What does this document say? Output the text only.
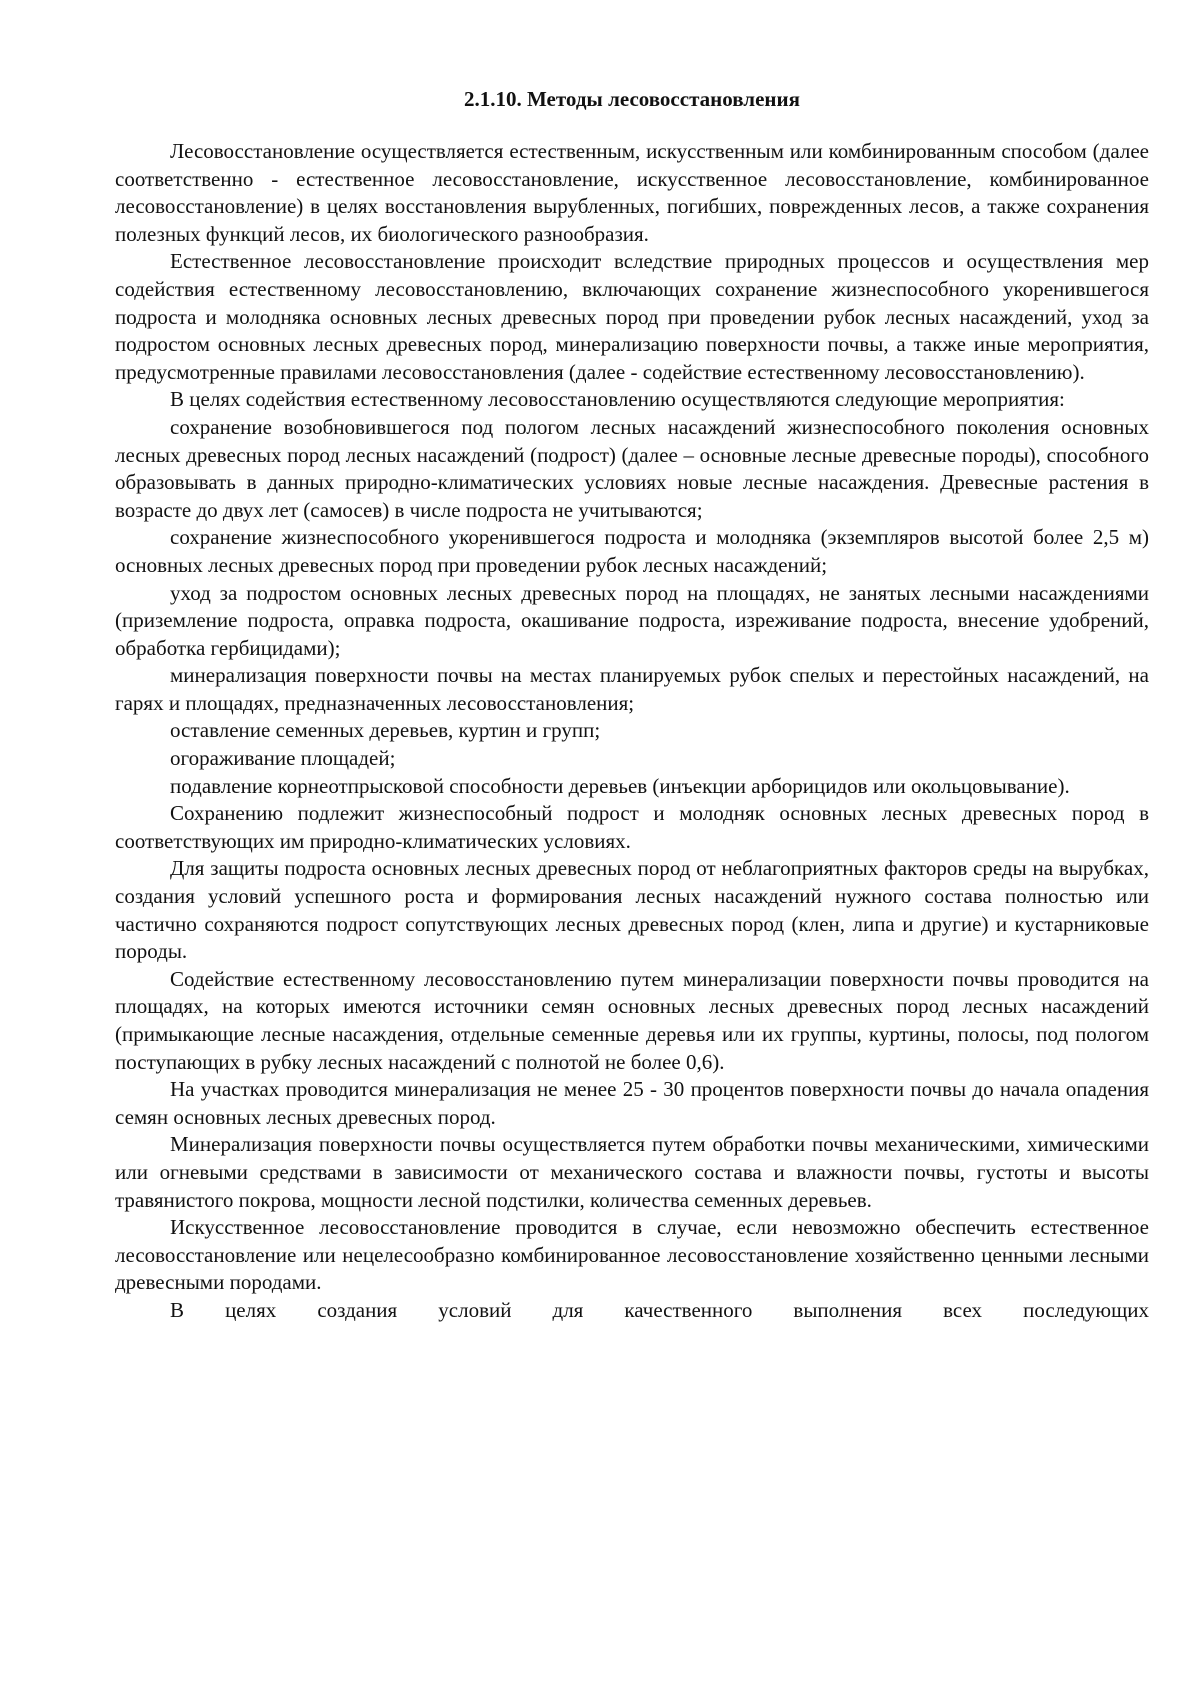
2.1.10. Методы лесовосстановления

Лесовосстановление осуществляется естественным, искусственным или комбинированным способом (далее соответственно - естественное лесовосстановление, искусственное лесовосстановление, комбинированное лесовосстановление) в целях восстановления вырубленных, погибших, поврежденных лесов, а также сохранения полезных функций лесов, их биологического разнообразия.

Естественное лесовосстановление происходит вследствие природных процессов и осуществления мер содействия естественному лесовосстановлению, включающих сохранение жизнеспособного укоренившегося подроста и молодняка основных лесных древесных пород при проведении рубок лесных насаждений, уход за подростом основных лесных древесных пород, минерализацию поверхности почвы, а также иные мероприятия, предусмотренные правилами лесовосстановления (далее - содействие естественному лесовосстановлению).

В целях содействия естественному лесовосстановлению осуществляются следующие мероприятия:

сохранение возобновившегося под пологом лесных насаждений жизнеспособного поколения основных лесных древесных пород лесных насаждений (подрост) (далее – основные лесные древесные породы), способного образовывать в данных природно-климатических условиях новые лесные насаждения. Древесные растения в возрасте до двух лет (самосев) в числе подроста не учитываются;

сохранение жизнеспособного укоренившегося подроста и молодняка (экземпляров высотой более 2,5 м) основных лесных древесных пород при проведении рубок лесных насаждений;

уход за подростом основных лесных древесных пород на площадях, не занятых лесными насаждениями (приземление подроста, оправка подроста, окашивание подроста, изреживание подроста, внесение удобрений, обработка гербицидами);

минерализация поверхности почвы на местах планируемых рубок спелых и перестойных насаждений, на гарях и площадях, предназначенных лесовосстановления;

оставление семенных деревьев, куртин и групп;

огораживание площадей;

подавление корнеотпрысковой способности деревьев (инъекции арборицидов или окольцовывание).

Сохранению подлежит жизнеспособный подрост и молодняк основных лесных древесных пород в соответствующих им природно-климатических условиях.

Для защиты подроста основных лесных древесных пород от неблагоприятных факторов среды на вырубках, создания условий успешного роста и формирования лесных насаждений нужного состава полностью или частично сохраняются подрост сопутствующих лесных древесных пород (клен, липа и другие) и кустарниковые породы.

Содействие естественному лесовосстановлению путем минерализации поверхности почвы проводится на площадях, на которых имеются источники семян основных лесных древесных пород лесных насаждений (примыкающие лесные насаждения, отдельные семенные деревья или их группы, куртины, полосы, под пологом поступающих в рубку лесных насаждений с полнотой не более 0,6).

На участках проводится минерализация не менее 25 - 30 процентов поверхности почвы до начала опадения семян основных лесных древесных пород.

Минерализация поверхности почвы осуществляется путем обработки почвы механическими, химическими или огневыми средствами в зависимости от механического состава и влажности почвы, густоты и высоты травянистого покрова, мощности лесной подстилки, количества семенных деревьев.

Искусственное лесовосстановление проводится в случае, если невозможно обеспечить естественное лесовосстановление или нецелесообразно комбинированное лесовосстановление хозяйственно ценными лесными древесными породами.

В целях создания условий для качественного выполнения всех последующих
